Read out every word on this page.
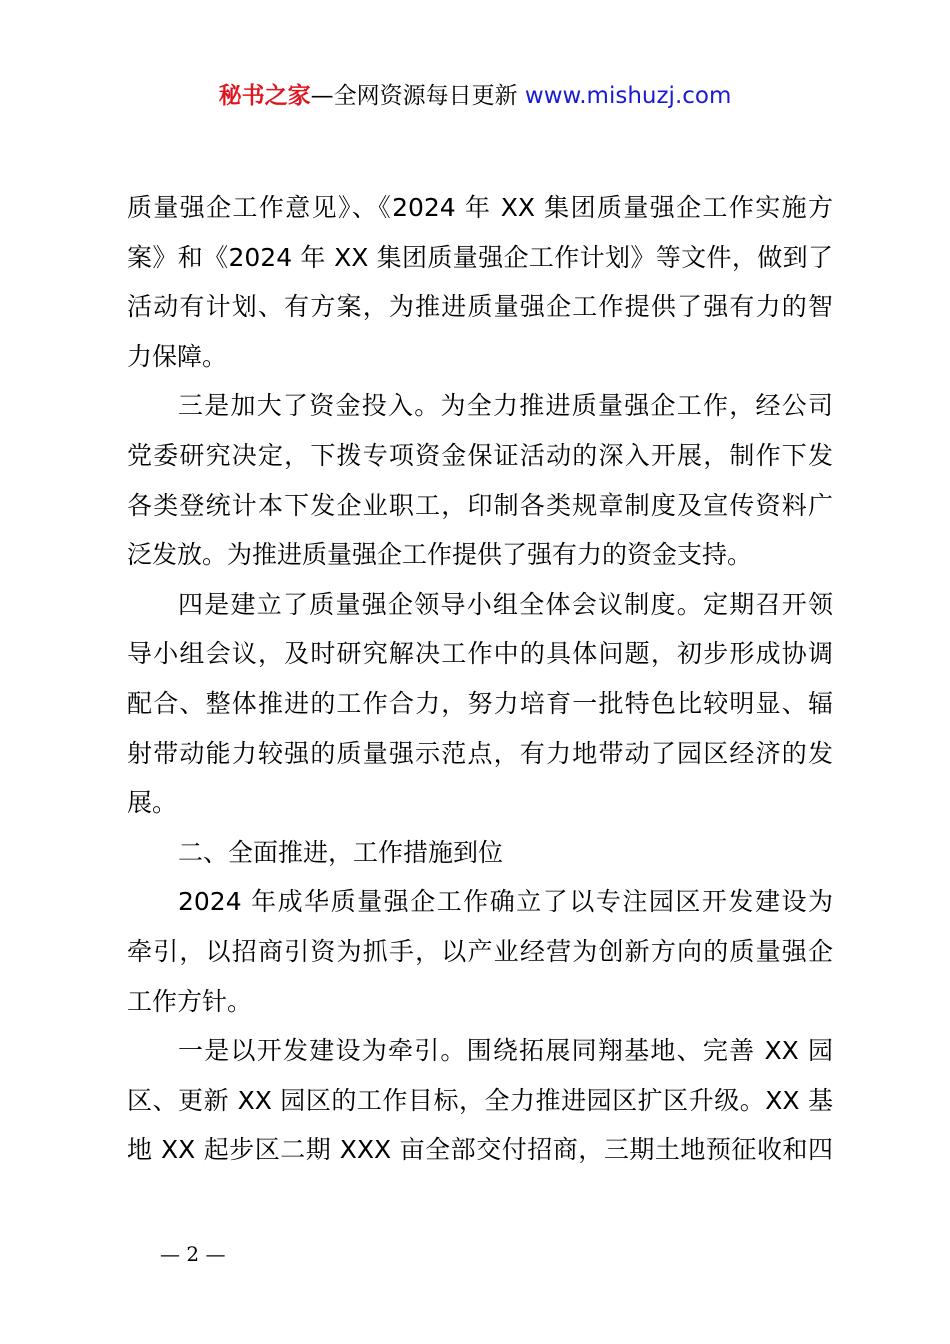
秘书之家—全网资源每日更新 www.mishuzj.com
质量强企工作意见》、《2024 年 XX 集团质量强企工作实施方
案》和《2024 年 XX 集团质量强企工作计划》等文件，做到了
活动有计划、有方案，为推进质量强企工作提供了强有力的智
力保障。
三是加大了资金投入。为全力推进质量强企工作，经公司
党委研究决定，下拨专项资金保证活动的深入开展，制作下发
各类登统计本下发企业职工，印制各类规章制度及宣传资料广
泛发放。为推进质量强企工作提供了强有力的资金支持。
四是建立了质量强企领导小组全体会议制度。定期召开领
导小组会议，及时研究解决工作中的具体问题，初步形成协调
配合、整体推进的工作合力，努力培育一批特色比较明显、辐
射带动能力较强的质量强示范点，有力地带动了园区经济的发
展。
二、全面推进，工作措施到位
2024 年成华质量强企工作确立了以专注园区开发建设为
牵引，以招商引资为抓手，以产业经营为创新方向的质量强企
工作方针。
一是以开发建设为牵引。围绕拓展同翔基地、完善 XX 园
区、更新 XX 园区的工作目标，全力推进园区扩区升级。XX 基
地 XX 起步区二期 XXX 亩全部交付招商，三期土地预征收和四
— 2 —
